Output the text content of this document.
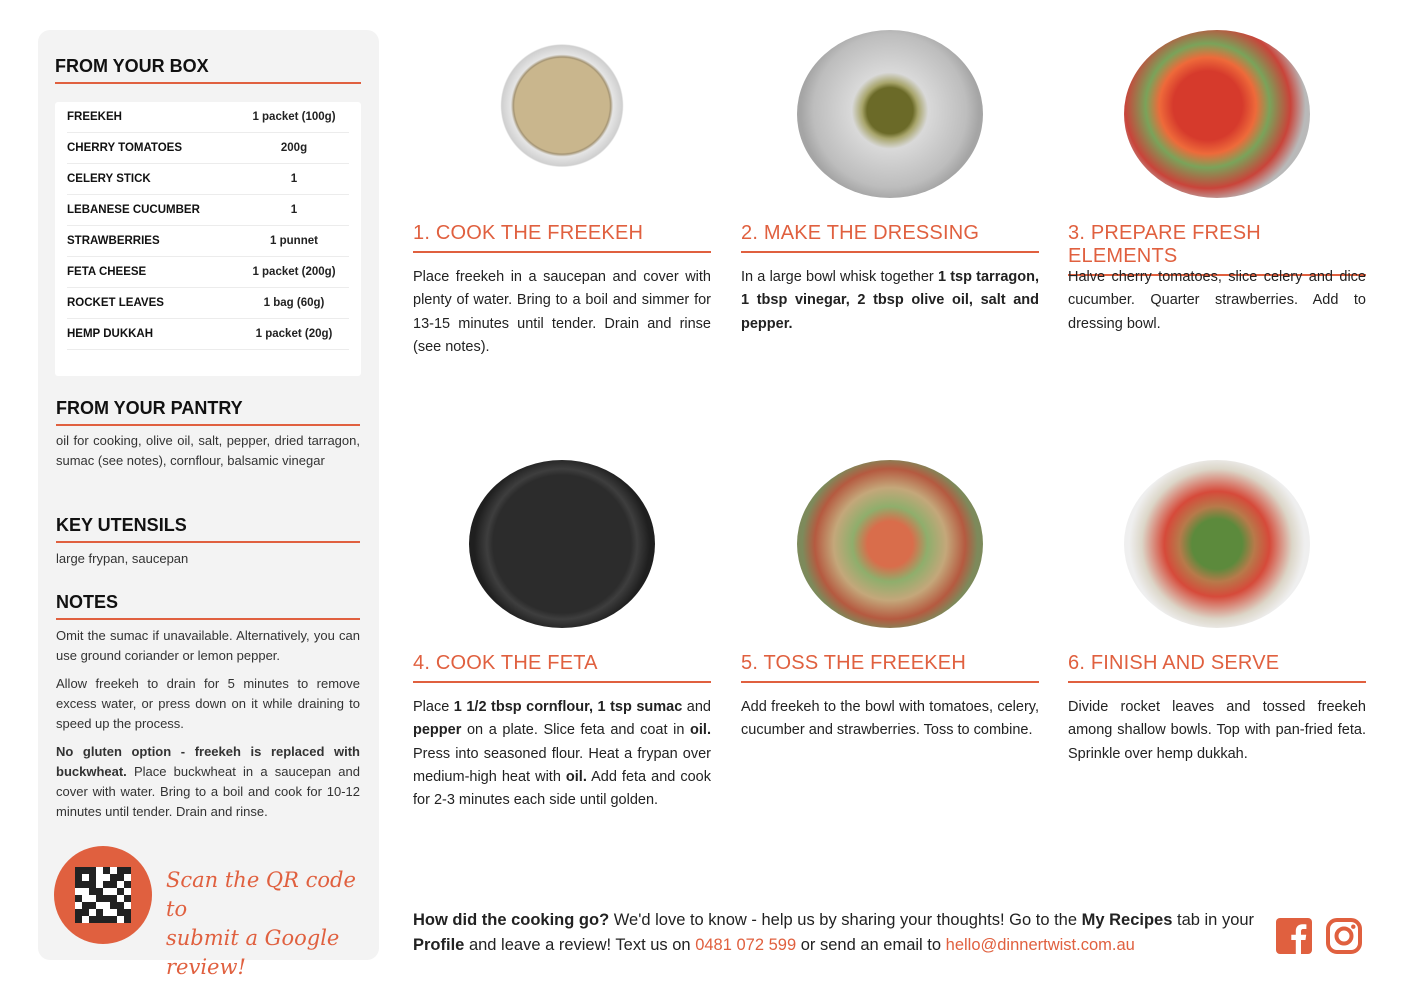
FROM YOUR BOX
FREEKEH	1 packet (100g)
CHERRY TOMATOES	200g
CELERY STICK	1
LEBANESE CUCUMBER	1
STRAWBERRIES	1 punnet
FETA CHEESE	1 packet (200g)
ROCKET LEAVES	1 bag (60g)
HEMP DUKKAH	1 packet (20g)
FROM YOUR PANTRY
oil for cooking, olive oil, salt, pepper, dried tarragon, sumac (see notes), cornflour, balsamic vinegar
KEY UTENSILS
large frypan, saucepan
NOTES

Omit the sumac if unavailable. Alternatively, you can use ground coriander or lemon pepper.

Allow freekeh to drain for 5 minutes to remove excess water, or press down on it while draining to speed up the process.

No gluten option - freekeh is replaced with buckwheat. Place buckwheat in a saucepan and cover with water. Bring to a boil and cook for 10-12 minutes until tender. Drain and rinse.

Scan the QR code to
submit a Google review!
1. COOK THE FREEKEH
Place freekeh in a saucepan and cover with plenty of water. Bring to a boil and simmer for 13-15 minutes until tender. Drain and rinse (see notes).
2. MAKE THE DRESSING
In a large bowl whisk together 1 tsp tarragon, 1 tbsp vinegar, 2 tbsp olive oil, salt and pepper.
3. PREPARE FRESH ELEMENTS
Halve cherry tomatoes, slice celery and dice cucumber. Quarter strawberries. Add to dressing bowl.
4. COOK THE FETA
Place 1 1/2 tbsp cornflour, 1 tsp sumac and pepper on a plate. Slice feta and coat in oil. Press into seasoned flour. Heat a frypan over medium-high heat with oil. Add feta and cook for 2-3 minutes each side until golden.
5. TOSS THE FREEKEH
Add freekeh to the bowl with tomatoes, celery, cucumber and strawberries. Toss to combine.
6. FINISH AND SERVE
Divide rocket leaves and tossed freekeh among shallow bowls. Top with pan-fried feta. Sprinkle over hemp dukkah.
How did the cooking go? We'd love to know - help us by sharing your thoughts! Go to the My Recipes tab in your Profile and leave a review! Text us on 0481 072 599 or send an email to hello@dinnertwist.com.au
